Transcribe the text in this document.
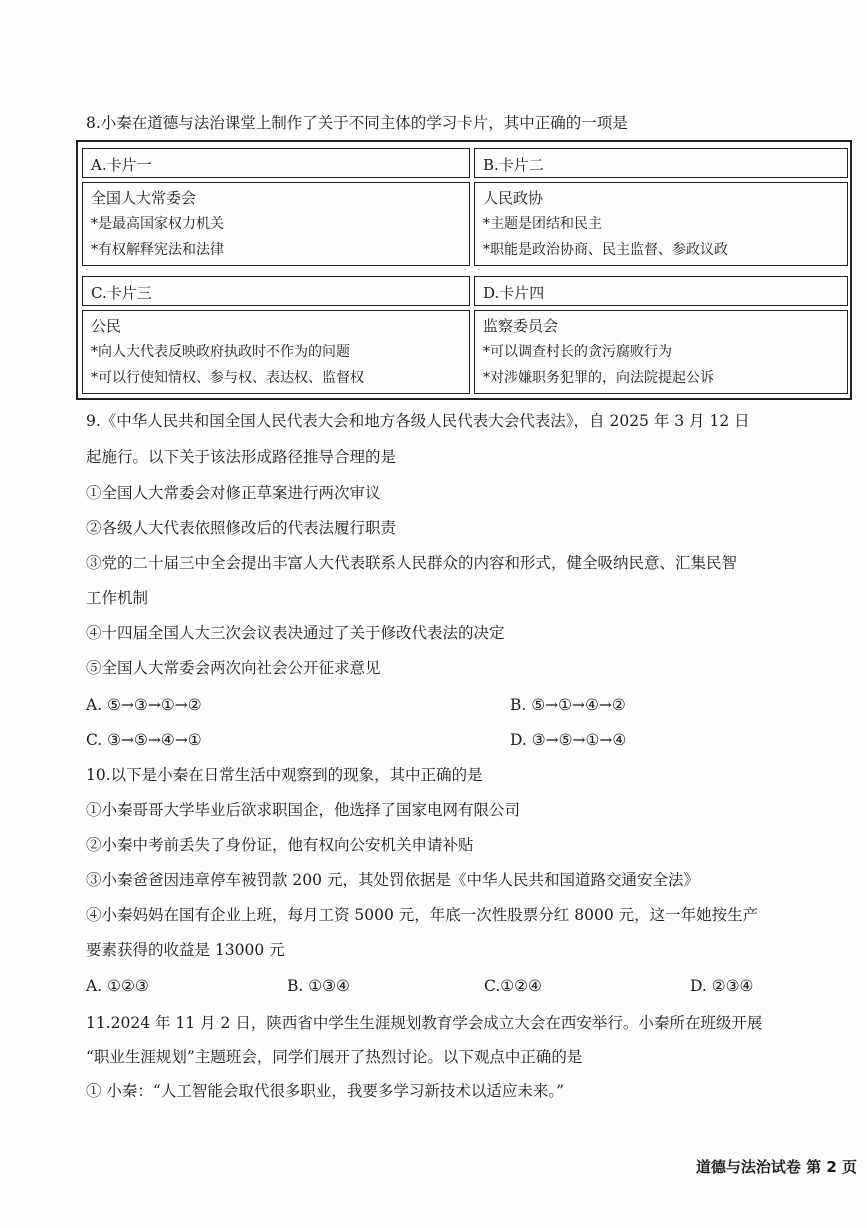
8.小秦在道德与法治课堂上制作了关于不同主体的学习卡片，其中正确的一项是
A.卡片一	B.卡片二
全国人大常委会
*是最高国家权力机关
*有权解释宪法和法律
人民政协
*主题是团结和民主
*职能是政治协商、民主监督、参政议政
C.卡片三	D.卡片四
公民
*向人大代表反映政府执政时不作为的问题
*可以行使知情权、参与权、表达权、监督权
监察委员会
*可以调查村长的贪污腐败行为
*对涉嫌职务犯罪的，向法院提起公诉
9.《中华人民共和国全国人民代表大会和地方各级人民代表大会代表法》，自 2025 年 3 月 12 日
起施行。以下关于该法形成路径推导合理的是
①全国人大常委会对修正草案进行两次审议
②各级人大代表依照修改后的代表法履行职责
③党的二十届三中全会提出丰富人大代表联系人民群众的内容和形式，健全吸纳民意、汇集民智
工作机制
④十四届全国人大三次会议表决通过了关于修改代表法的决定
⑤全国人大常委会两次向社会公开征求意见
A. ⑤→③→①→②	B. ⑤→①→④→②
C. ③→⑤→④→①	D. ③→⑤→①→④
10.以下是小秦在日常生活中观察到的现象，其中正确的是
①小秦哥哥大学毕业后欲求职国企，他选择了国家电网有限公司
②小秦中考前丢失了身份证，他有权向公安机关申请补贴
③小秦爸爸因违章停车被罚款 200 元，其处罚依据是《中华人民共和国道路交通安全法》
④小秦妈妈在国有企业上班，每月工资 5000 元，年底一次性股票分红 8000 元，这一年她按生产
要素获得的收益是 13000 元
A. ①②③	B. ①③④	C.①②④	D. ②③④
11.2024 年 11 月 2 日，陕西省中学生生涯规划教育学会成立大会在西安举行。小秦所在班级开展
“职业生涯规划”主题班会，同学们展开了热烈讨论。以下观点中正确的是
① 小秦：“人工智能会取代很多职业，我要多学习新技术以适应未来。”
道德与法治试卷 第 2 页
